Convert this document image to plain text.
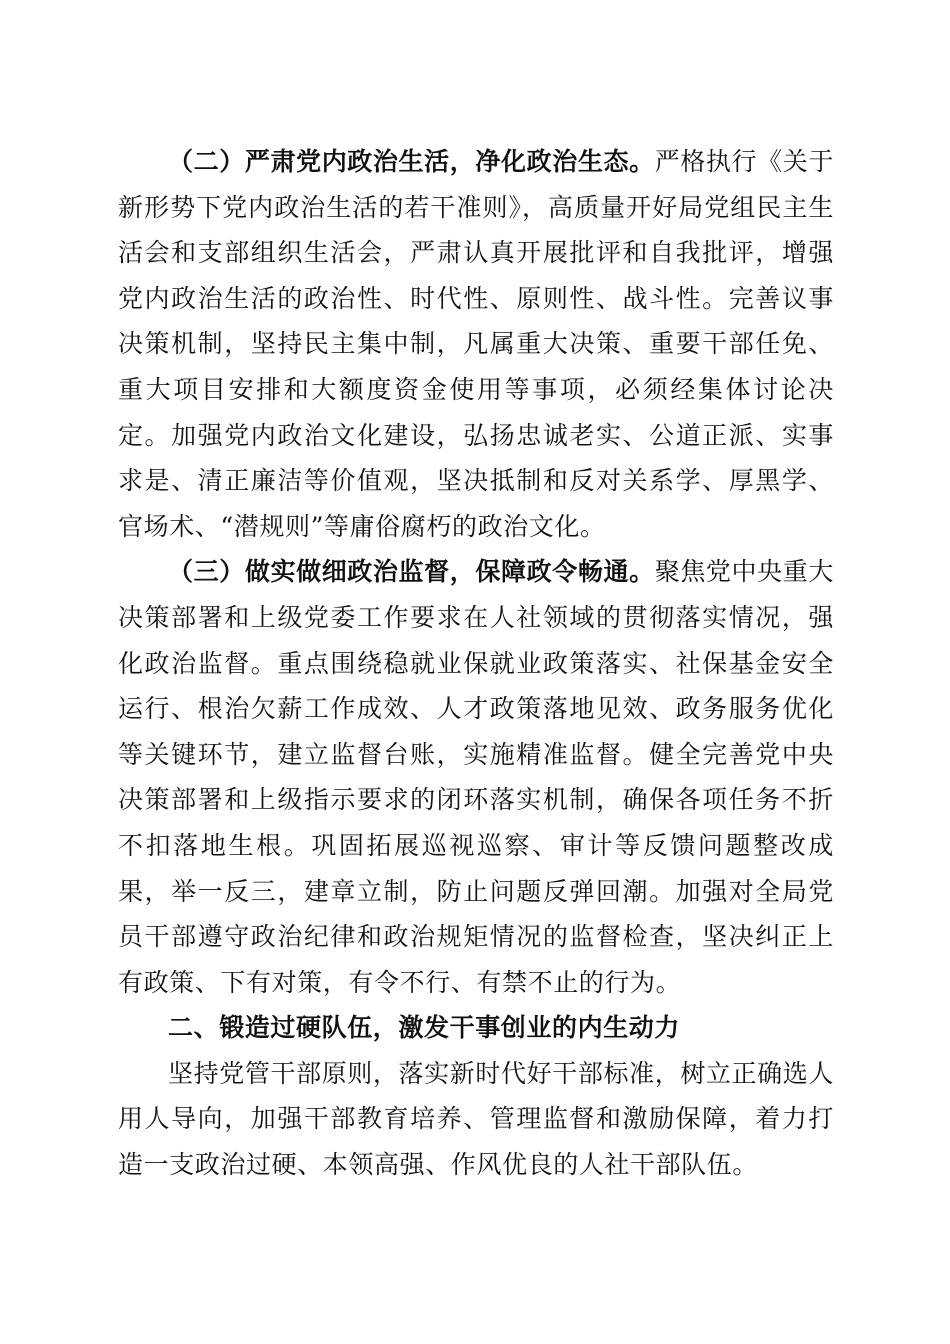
（二）严肃党内政治生活，净化政治生态。严格执行《关于新形势下党内政治生活的若干准则》，高质量开好局党组民主生活会和支部组织生活会，严肃认真开展批评和自我批评，增强党内政治生活的政治性、时代性、原则性、战斗性。完善议事决策机制，坚持民主集中制，凡属重大决策、重要干部任免、重大项目安排和大额度资金使用等事项，必须经集体讨论决定。加强党内政治文化建设，弘扬忠诚老实、公道正派、实事求是、清正廉洁等价值观，坚决抵制和反对关系学、厚黑学、官场术、“潜规则”等庸俗腐朽的政治文化。

（三）做实做细政治监督，保障政令畅通。聚焦党中央重大决策部署和上级党委工作要求在人社领域的贯彻落实情况，强化政治监督。重点围绕稳就业保就业政策落实、社保基金安全运行、根治欠薪工作成效、人才政策落地见效、政务服务优化等关键环节，建立监督台账，实施精准监督。健全完善党中央决策部署和上级指示要求的闭环落实机制，确保各项任务不折不扣落地生根。巩固拓展巡视巡察、审计等反馈问题整改成果，举一反三，建章立制，防止问题反弹回潮。加强对全局党员干部遵守政治纪律和政治规矩情况的监督检查，坚决纠正上有政策、下有对策，有令不行、有禁不止的行为。

二、锻造过硬队伍，激发干事创业的内生动力

坚持党管干部原则，落实新时代好干部标准，树立正确选人用人导向，加强干部教育培养、管理监督和激励保障，着力打造一支政治过硬、本领高强、作风优良的人社干部队伍。
